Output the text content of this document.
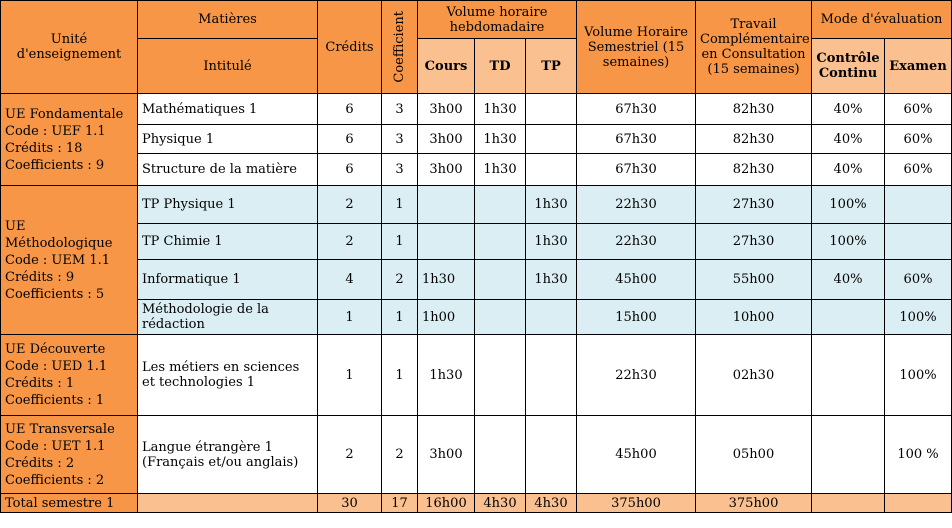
Unité d'enseignement	Matières	Crédits	Coefficient	Volume horaire hebdomadaire			Volume Horaire Semestriel (15 semaines)	Travail Complémentaire en Consultation (15 semaines)	Mode d'évaluation	
	Intitulé			Cours	TD	TP			Contrôle Continu	Examen

UE Fondamentale
Code : UEF 1.1
Crédits : 18
Coefficients : 9	Mathématiques 1	6	3	3h00	1h30		67h30	82h30	40%	60%
	Physique 1	6	3	3h00	1h30		67h30	82h30	40%	60%
	Structure de la matière	6	3	3h00	1h30		67h30	82h30	40%	60%

UE Méthodologique
Code : UEM 1.1
Crédits : 9
Coefficients : 5	TP Physique 1	2	1			1h30	22h30	27h30	100%	
	TP Chimie 1	2	1			1h30	22h30	27h30	100%	
	Informatique 1	4	2	1h30		1h30	45h00	55h00	40%	60%
	Méthodologie de la rédaction	1	1	1h00			15h00	10h00		100%

UE Découverte
Code : UED 1.1
Crédits : 1
Coefficients : 1	Les métiers en sciences et technologies 1	1	1	1h30			22h30	02h30		100%

UE Transversale
Code : UET 1.1
Crédits : 2
Coefficients : 2	Langue étrangère 1 (Français et/ou anglais)	2	2	3h00			45h00	05h00		100 %
Total semestre 1		30	17	16h00	4h30	4h30	375h00	375h00		
